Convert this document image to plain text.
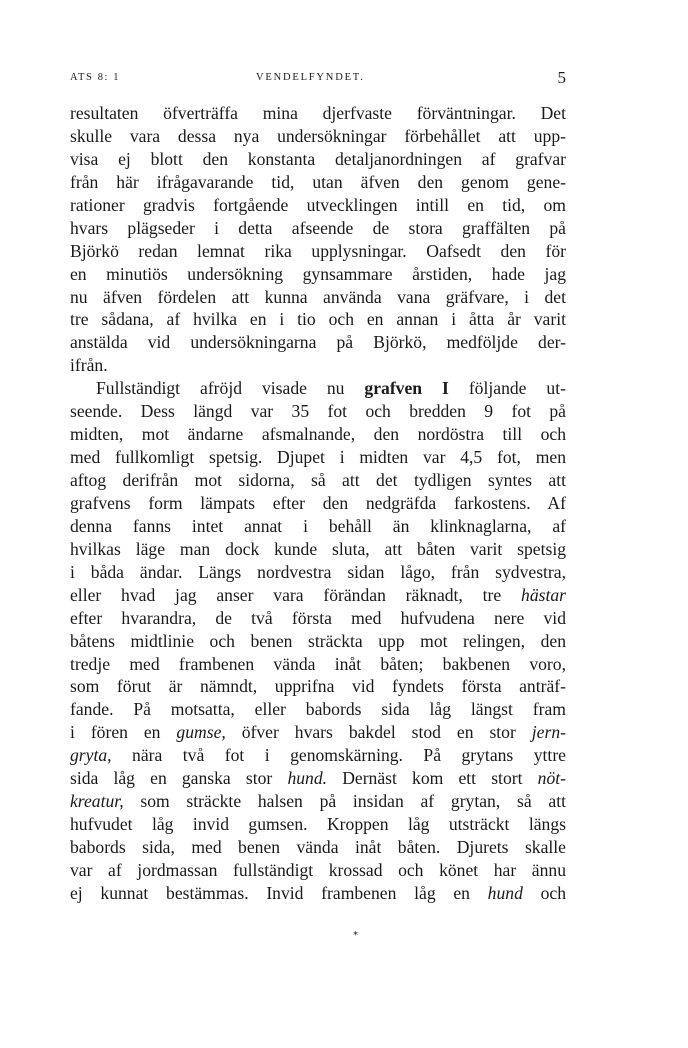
ATS 8: 1	VENDELFYNDET.	5
resultaten öfverträffa mina djerfvaste förväntningar. Det
skulle vara dessa nya undersökningar förbehållet att upp-
visa ej blott den konstanta detaljanordningen af grafvar
från här ifrågavarande tid, utan äfven den genom gene-
rationer gradvis fortgående utvecklingen intill en tid, om
hvars plägseder i detta afseende de stora graffälten på
Björkö redan lemnat rika upplysningar. Oafsedt den för
en minutiös undersökning gynsammare årstiden, hade jag
nu äfven fördelen att kunna använda vana gräfvare, i det
tre sådana, af hvilka en i tio och en annan i åtta år varit
anstälda vid undersökningarna på Björkö, medföljde der-
ifrån.
Fullständigt afröjd visade nu grafven I följande ut-
seende. Dess längd var 35 fot och bredden 9 fot på
midten, mot ändarne afsmalnande, den nordöstra till och
med fullkomligt spetsig. Djupet i midten var 4,5 fot, men
aftog derifrån mot sidorna, så att det tydligen syntes att
grafvens form lämpats efter den nedgräfda farkostens. Af
denna fanns intet annat i behåll än klinknaglarna, af
hvilkas läge man dock kunde sluta, att båten varit spetsig
i båda ändar. Längs nordvestra sidan lågo, från sydvestra,
eller hvad jag anser vara förändan räknadt, tre hästar
efter hvarandra, de två första med hufvudena nere vid
båtens midtlinie och benen sträckta upp mot relingen, den
tredje med frambenen vända inåt båten; bakbenen voro,
som förut är nämndt, upprifna vid fyndets första anträf-
fande. På motsatta, eller babords sida låg längst fram
i fören en gumse, öfver hvars bakdel stod en stor jern-
gryta, nära två fot i genomskärning. På grytans yttre
sida låg en ganska stor hund. Dernäst kom ett stort nöt-
kreatur, som sträckte halsen på insidan af grytan, så att
hufvudet låg invid gumsen. Kroppen låg utsträckt längs
babords sida, med benen vända inåt båten. Djurets skalle
var af jordmassan fullständigt krossad och könet har ännu
ej kunnat bestämmas. Invid frambenen låg en hund och
*
